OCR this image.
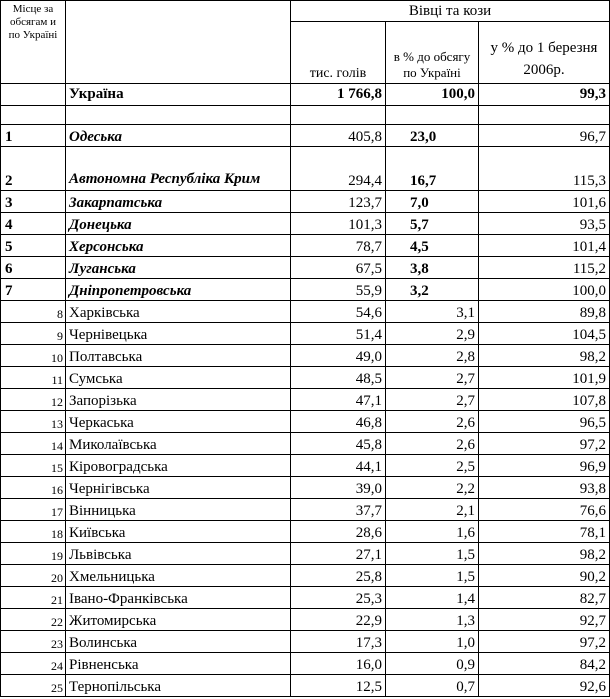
Місце за обсягам и по Україні		Вівці та кози		
		тис. голів	в % до обсягу по Україні	у % до 1 березня 2006р.
	Україна	1 766,8	100,0	99,3

1	Одеська	405,8	23,0	96,7
2	Автономна Республіка Крим	294,4	16,7	115,3
3	Закарпатська	123,7	7,0	101,6
4	Донецька	101,3	5,7	93,5
5	Херсонська	78,7	4,5	101,4
6	Луганська	67,5	3,8	115,2
7	Дніпропетровська	55,9	3,2	100,0
8	Харківська	54,6	3,1	89,8
9	Чернівецька	51,4	2,9	104,5
10	Полтавська	49,0	2,8	98,2
11	Сумська	48,5	2,7	101,9
12	Запорізька	47,1	2,7	107,8
13	Черкаська	46,8	2,6	96,5
14	Миколаївська	45,8	2,6	97,2
15	Кіровоградська	44,1	2,5	96,9
16	Чернігівська	39,0	2,2	93,8
17	Вінницька	37,7	2,1	76,6
18	Київська	28,6	1,6	78,1
19	Львівська	27,1	1,5	98,2
20	Хмельницька	25,8	1,5	90,2
21	Івано-Франківська	25,3	1,4	82,7
22	Житомирська	22,9	1,3	92,7
23	Волинська	17,3	1,0	97,2
24	Рівненська	16,0	0,9	84,2
25	Тернопільська	12,5	0,7	92,6
